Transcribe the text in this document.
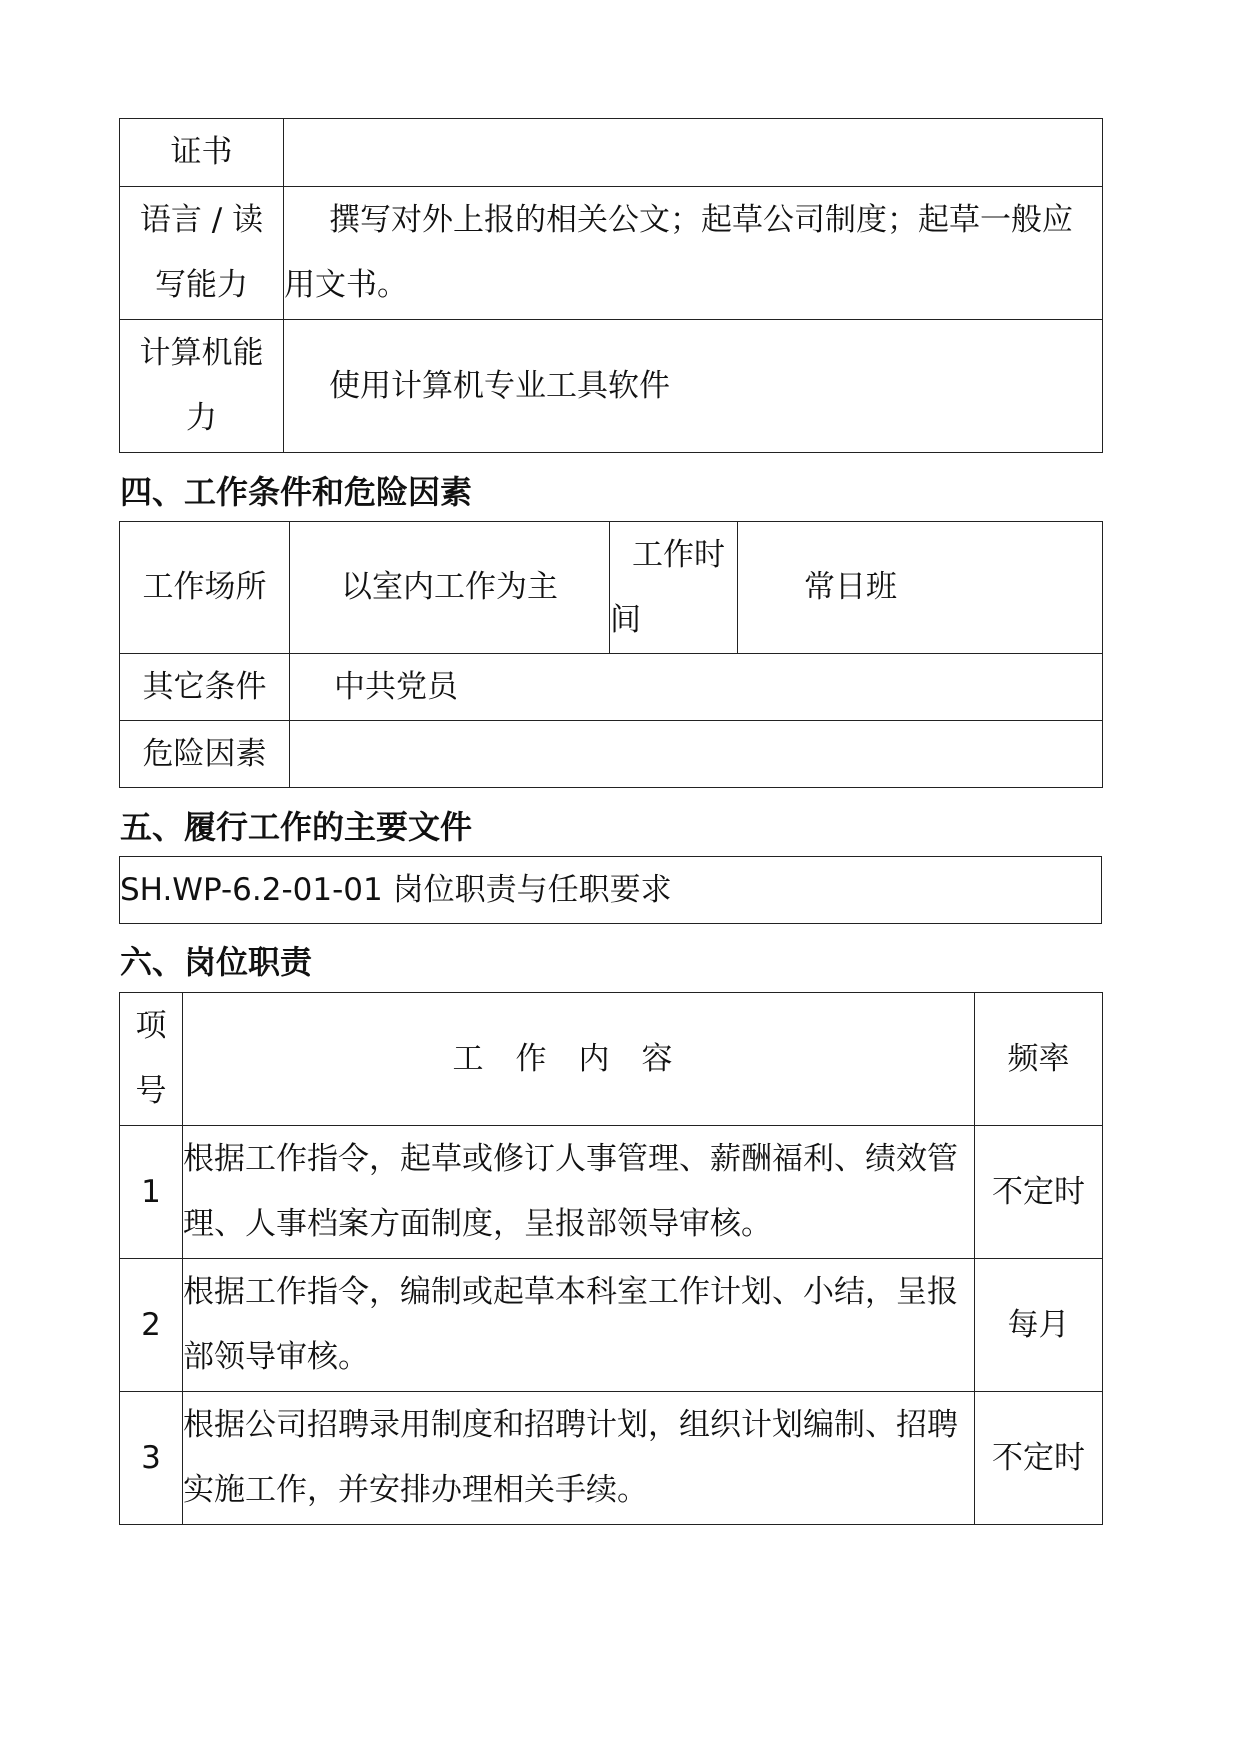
证书	
语言 / 读写能力	撰写对外上报的相关公文；起草公司制度；起草一般应用文书。
计算机能力	使用计算机专业工具软件
四、工作条件和危险因素
工作场所	以室内工作为主	工作时间	常日班
其它条件	中共党员		
危险因素			
五、履行工作的主要文件
SH.WP-6.2-01-01 岗位职责与任职要求
六、岗位职责
项号	工作内容	频率
1	根据工作指令，起草或修订人事管理、薪酬福利、绩效管理、人事档案方面制度，呈报部领导审核。	不定时
2	根据工作指令，编制或起草本科室工作计划、小结，呈报部领导审核。	每月
3	根据公司招聘录用制度和招聘计划，组织计划编制、招聘实施工作，并安排办理相关手续。	不定时
